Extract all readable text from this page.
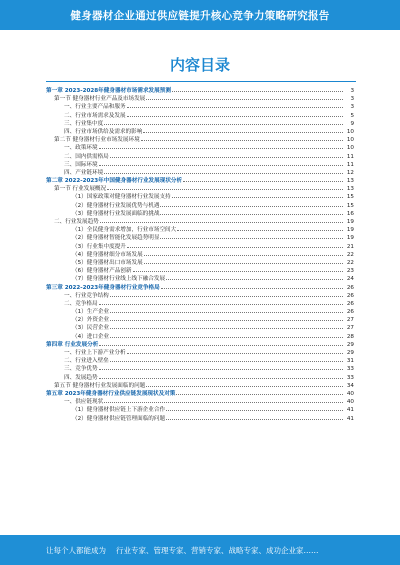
健身器材企业通过供应链提升核心竞争力策略研究报告
内容目录
第一章 2023-2028年健身器材市场需求发展预测	3
第一节 健身器材行业产品及市场发展	3
一、行业主要产品和服务	3
二、行业市场需求及发展	5
三、行业集中度	9
四、行业市场供给及需求的影响	10
第二节 健身器材行业市场发展环境	10
一、政策环境	10
二、国内供需格局	11
三、国际环境	11
四、产业链环境	12
第二章 2022-2023年中国健身器材行业发展现状分析	13
第一节 行业发展概况	13
（1）国家政策对健身器材行业发展支持	15
（2）健身器材行业发展优势与机遇	15
（3）健身器材行业发展面临的挑战	16
二、行业发展趋势	19
（1）全民健身需求增加，行业市场空间大	19
（2）健身器材智能化发展趋势明显	19
（3）行业集中度提升	21
（4）健身器材细分市场发展	22
（5）健身器材出口市场发展	22
（6）健身器材产品创新	23
（7）健身器材行业线上线下融合发展	24
第三章 2022-2023年健身器材行业竞争格局	26
一、行业竞争结构	26
二、竞争格局	26
（1）生产企业	26
（2）外资企业	27
（3）民营企业	27
（4）进口企业	28
第四章 行业发展分析	29
一、行业上下游产业分析	29
二、行业进入壁垒	31
三、竞争优势	33
四、发展趋势	33
第五节 健身器材行业发展面临的问题	34
第五章 2023年健身器材行业供应链发展现状及对策	40
一、供应链现状	40
（1）健身器材供应链上下游企业合作	41
（2）健身器材供应链管理面临的问题	41
让每个人都能成为 行业专家、管理专家、营销专家、战略专家、成功企业家……
